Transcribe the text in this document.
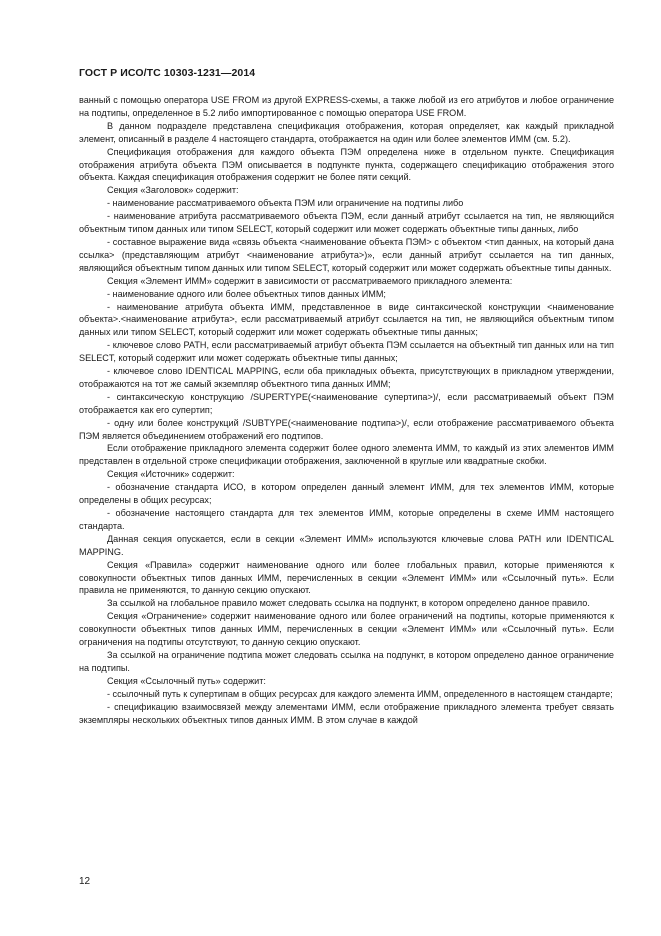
ГОСТ Р ИСО/ТС 10303-1231—2014

ванный с помощью оператора USE FROM из другой EXPRESS-схемы, а также любой из его атрибутов и любое ограничение на подтипы, определенное в 5.2 либо импортированное с помощью оператора USE FROM.

В данном подразделе представлена спецификация отображения, которая определяет, как каждый прикладной элемент, описанный в разделе 4 настоящего стандарта, отображается на один или более элементов ИММ (см. 5.2).

Спецификация отображения для каждого объекта ПЭМ определена ниже в отдельном пункте. Спецификация отображения атрибута объекта ПЭМ описывается в подпункте пункта, содержащего спецификацию отображения этого объекта. Каждая спецификация отображения содержит не более пяти секций.

Секция «Заголовок» содержит:

- наименование рассматриваемого объекта ПЭМ или ограничение на подтипы либо

- наименование атрибута рассматриваемого объекта ПЭМ, если данный атрибут ссылается на тип, не являющийся объектным типом данных или типом SELECT, который содержит или может содержать объектные типы данных, либо

- составное выражение вида «связь объекта <наименование объекта ПЭМ> с объектом <тип данных, на который дана ссылка> (представляющим атрибут <наименование атрибута>)», если данный атрибут ссылается на тип данных, являющийся объектным типом данных или типом SELECT, который содержит или может содержать объектные типы данных.

Секция «Элемент ИММ» содержит в зависимости от рассматриваемого прикладного элемента:

- наименование одного или более объектных типов данных ИММ;

- наименование атрибута объекта ИММ, представленное в виде синтаксической конструкции <наименование объекта>.<наименование атрибута>, если рассматриваемый атрибут ссылается на тип, не являющийся объектным типом данных или типом SELECT, который содержит или может содержать объектные типы данных;

- ключевое слово PATH, если рассматриваемый атрибут объекта ПЭМ ссылается на объектный тип данных или на тип SELECT, который содержит или может содержать объектные типы данных;

- ключевое слово IDENTICAL MAPPING, если оба прикладных объекта, присутствующих в прикладном утверждении, отображаются на тот же самый экземпляр объектного типа данных ИММ;

- синтаксическую конструкцию /SUPERTYPE(<наименование супертипа>)/, если рассматриваемый объект ПЭМ отображается как его супертип;

- одну или более конструкций /SUBTYPE(<наименование подтипа>)/, если отображение рассматриваемого объекта ПЭМ является объединением отображений его подтипов.

Если отображение прикладного элемента содержит более одного элемента ИММ, то каждый из этих элементов ИММ представлен в отдельной строке спецификации отображения, заключенной в круглые или квадратные скобки.

Секция «Источник» содержит:

- обозначение стандарта ИСО, в котором определен данный элемент ИММ, для тех элементов ИММ, которые определены в общих ресурсах;

- обозначение настоящего стандарта для тех элементов ИММ, которые определены в схеме ИММ настоящего стандарта.

Данная секция опускается, если в секции «Элемент ИММ» используются ключевые слова PATH или IDENTICAL MAPPING.

Секция «Правила» содержит наименование одного или более глобальных правил, которые применяются к совокупности объектных типов данных ИММ, перечисленных в секции «Элемент ИММ» или «Ссылочный путь». Если правила не применяются, то данную секцию опускают.

За ссылкой на глобальное правило может следовать ссылка на подпункт, в котором определено данное правило.

Секция «Ограничение» содержит наименование одного или более ограничений на подтипы, которые применяются к совокупности объектных типов данных ИММ, перечисленных в секции «Элемент ИММ» или «Ссылочный путь». Если ограничения на подтипы отсутствуют, то данную секцию опускают.

За ссылкой на ограничение подтипа может следовать ссылка на подпункт, в котором определено данное ограничение на подтипы.

Секция «Ссылочный путь» содержит:

- ссылочный путь к супертипам в общих ресурсах для каждого элемента ИММ, определенного в настоящем стандарте;

- спецификацию взаимосвязей между элементами ИММ, если отображение прикладного элемента требует связать экземпляры нескольких объектных типов данных ИММ. В этом случае в каждой

12
